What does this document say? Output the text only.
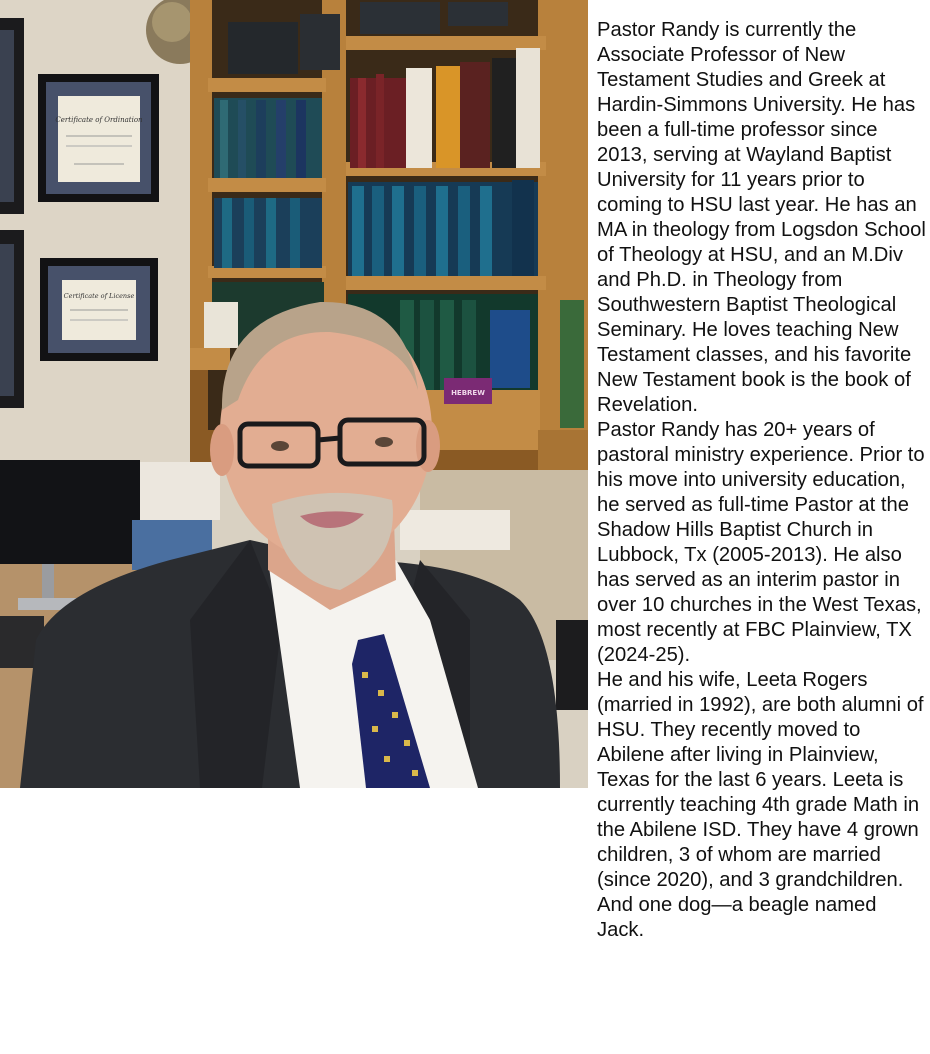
Certificate of Ordination
Certificate of License
HEBREW

Pastor Randy is currently the Associate Professor of New Testament Studies and Greek at Hardin-Simmons University. He has been a full-time professor since 2013, serving at Wayland Baptist University for 11 years prior to coming to HSU last year. He has an MA in theology from Logsdon School of Theology at HSU, and an M.Div and Ph.D. in Theology from Southwestern Baptist Theological Seminary. He loves teaching New Testament classes, and his favorite New Testament book is the book of Revelation.

Pastor Randy has 20+ years of pastoral ministry experience. Prior to his move into university education, he served as full-time Pastor at the Shadow Hills Baptist Church in Lubbock, Tx (2005-2013). He also has served as an interim pastor in over 10 churches in the West Texas, most recently at FBC Plainview, TX (2024-25).

He and his wife, Leeta Rogers (married in 1992), are both alumni of HSU. They recently moved to Abilene after living in Plainview, Texas for the last 6 years. Leeta is currently teaching 4th grade Math in the Abilene ISD. They have 4 grown children, 3 of whom are married (since 2020), and 3 grandchildren. And one dog—a beagle named Jack.
